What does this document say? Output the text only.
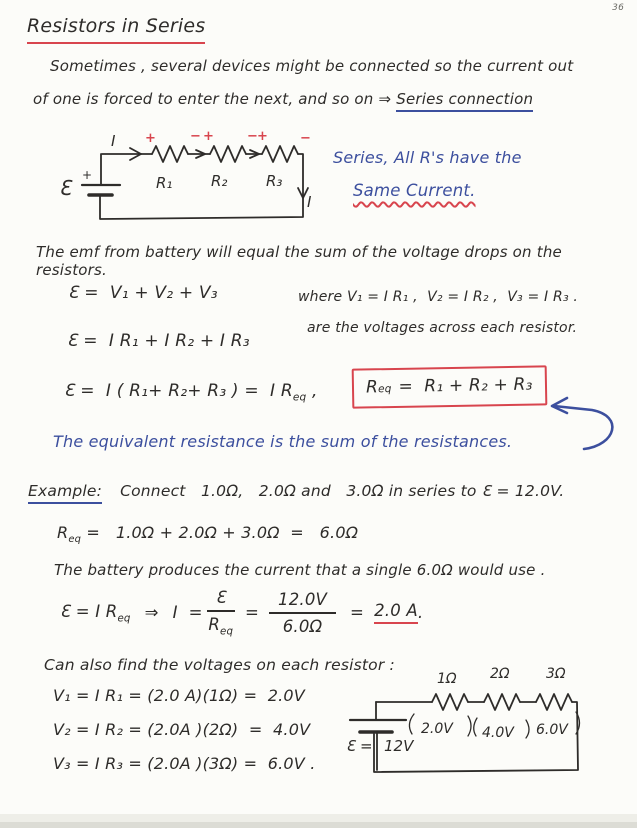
36
Resistors in Series
Sometimes , several devices might be connected so the current out
of one is forced to enter the next, and so on ⇒ Series connection
I
I
R₁	R₂	R₃
Ɛ
+
+	− +	− + −
Series, All R's have the
Same Current.
The emf from battery will equal the sum of the voltage drops on the resistors.
Ɛ =  V₁ + V₂ + V₃	where V₁ = I R₁ ,  V₂ = I R₂ ,  V₃ = I R₃ .
are the voltages across each resistor.
Ɛ =  I R₁ + I R₂ + I R₃
Ɛ =  I ( R₁+ R₂+ R₃ ) =  I $R_{eq}$ ,	R eq =  R₁ + R₂ + R₃
The equivalent resistance is the sum of the resistances.
Example: Connect   1.0Ω,   2.0Ω and   3.0Ω in series to Ɛ = 12.0V.
$R_{eq} = 1.0\Omega + 2.0\Omega + 3.0\Omega = 6.0\Omega$
The battery produces the current that a single 6.0Ω would use .
Ɛ = I $R_{eq}$ ⇒ $I = \frac{Ɛ}{R_{eq}} = \frac{12.0V}{6.0\Omega} = 2.0$ A .
Can also find the voltages on each resistor :
V₁ = I R₁ = (2.0 A)(1Ω) =  2.0V
V₂ = I R₂ = (2.0A )(2Ω)  =  4.0V
V₃ = I R₃ = (2.0A )(3Ω) =  6.0V .
1Ω 2Ω	3Ω
2.0V 4.0V 6.0V
Ɛ = 12V
